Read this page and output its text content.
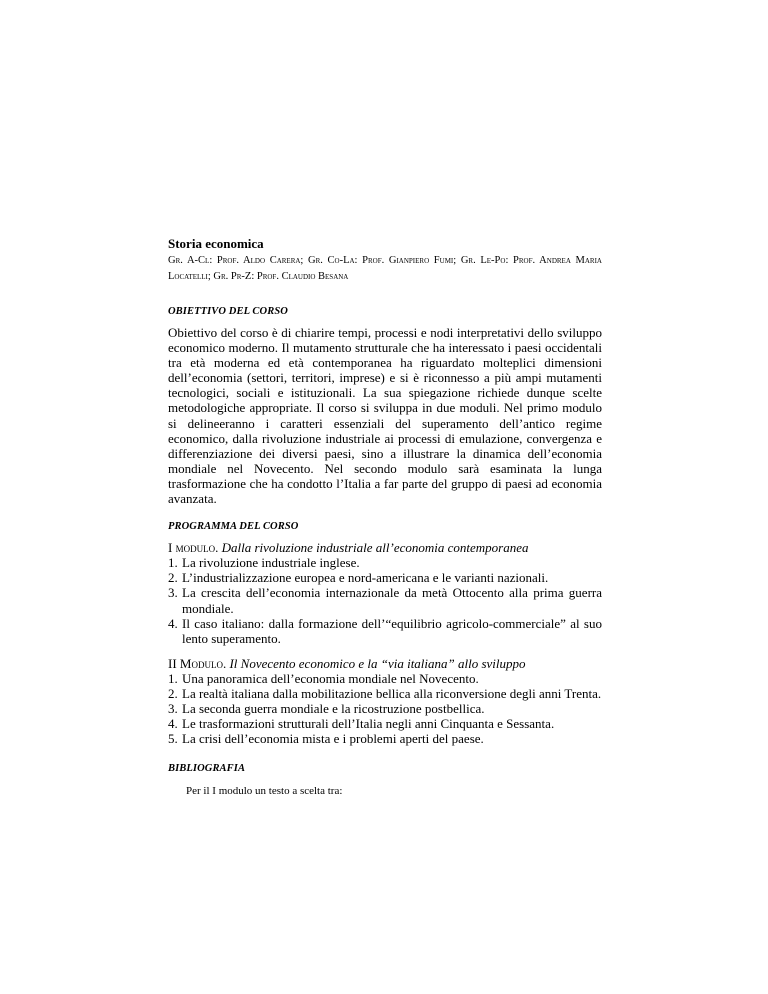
Storia economica

Gr. A-Cl: Prof. Aldo Carera; Gr. Co-La: Prof. Gianpiero Fumi; Gr. Le-Po: Prof. Andrea Maria Locatelli; Gr. Pr-Z: Prof. Claudio Besana

OBIETTIVO DEL CORSO

Obiettivo del corso è di chiarire tempi, processi e nodi interpretativi dello sviluppo economico moderno. Il mutamento strutturale che ha interessato i paesi occidentali tra età moderna ed età contemporanea ha riguardato molteplici dimensioni dell’economia (settori, territori, imprese) e si è riconnesso a più ampi mutamenti tecnologici, sociali e istituzionali. La sua spiegazione richiede dunque scelte metodologiche appropriate. Il corso si sviluppa in due moduli. Nel primo modulo si delineeranno i caratteri essenziali del superamento dell’antico regime economico, dalla rivoluzione industriale ai processi di emulazione, convergenza e differenziazione dei diversi paesi, sino a illustrare la dinamica dell’economia mondiale nel Novecento. Nel secondo modulo sarà esaminata la lunga trasformazione che ha condotto l’Italia a far parte del gruppo di paesi ad economia avanzata.

PROGRAMMA DEL CORSO

I modulo. Dalla rivoluzione industriale all’economia contemporanea

1. La rivoluzione industriale inglese.
2. L’industrializzazione europea e nord-americana e le varianti nazionali.
3. La crescita dell’economia internazionale da metà Ottocento alla prima guerra mondiale.
4. Il caso italiano: dalla formazione dell’“equilibrio agricolo-commerciale” al suo lento superamento.

II Modulo. Il Novecento economico e la “via italiana” allo sviluppo

1. Una panoramica dell’economia mondiale nel Novecento.
2. La realtà italiana dalla mobilitazione bellica alla riconversione degli anni Trenta.
3. La seconda guerra mondiale e la ricostruzione postbellica.
4. Le trasformazioni strutturali dell’Italia negli anni Cinquanta e Sessanta.
5. La crisi dell’economia mista e i problemi aperti del paese.
BIBLIOGRAFIA

Per il I modulo un testo a scelta tra:
